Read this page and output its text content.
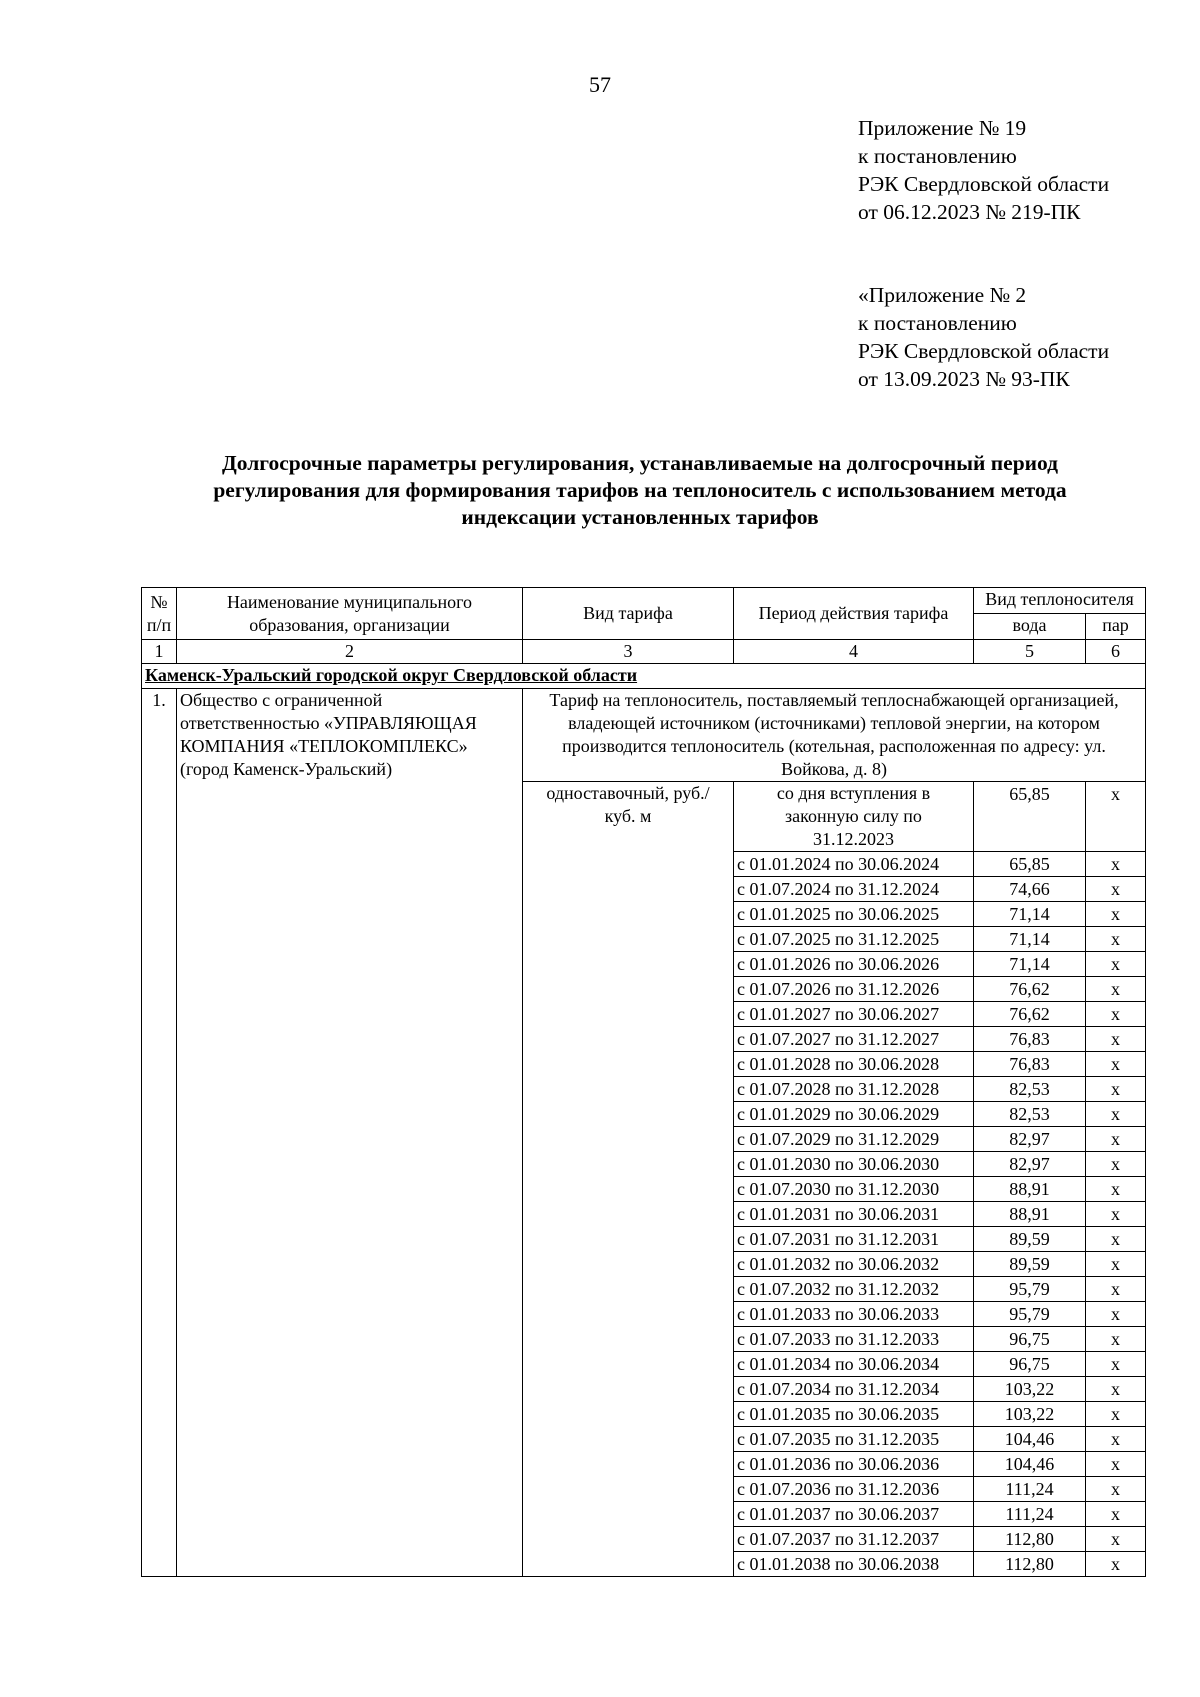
57
Приложение № 19
к постановлению
РЭК Свердловской области
от 06.12.2023 № 219-ПК
«Приложение № 2
к постановлению
РЭК Свердловской области
от 13.09.2023 № 93-ПК
Долгосрочные параметры регулирования, устанавливаемые на долгосрочный период
регулирования для формирования тарифов на теплоноситель с использованием метода
индексации установленных тарифов
№ п/п	Наименование муниципального образования, организации	Вид тарифа	Период действия тарифа	Вид теплоносителя	
				вода	пар
1	2	3	4	5	6
Каменск-Уральский городской округ Свердловской области					
1.	Общество с ограниченной ответственностью «УПРАВЛЯЮЩАЯ КОМПАНИЯ «ТЕПЛОКОМПЛЕКС» (город Каменск-Уральский)	Тариф на теплоноситель, поставляемый теплоснабжающей организацией, владеющей источником (источниками) тепловой энергии, на котором производится теплоноситель (котельная, расположенная по адресу: ул. Войкова, д. 8)			
		одноставочный, руб./куб. м	со дня вступления в законную силу по 31.12.2023	65,85	х
			с 01.01.2024 по 30.06.2024	65,85	х
			с 01.07.2024 по 31.12.2024	74,66	х
			с 01.01.2025 по 30.06.2025	71,14	х
			с 01.07.2025 по 31.12.2025	71,14	х
			с 01.01.2026 по 30.06.2026	71,14	х
			с 01.07.2026 по 31.12.2026	76,62	х
			с 01.01.2027 по 30.06.2027	76,62	х
			с 01.07.2027 по 31.12.2027	76,83	х
			с 01.01.2028 по 30.06.2028	76,83	х
			с 01.07.2028 по 31.12.2028	82,53	х
			с 01.01.2029 по 30.06.2029	82,53	х
			с 01.07.2029 по 31.12.2029	82,97	х
			с 01.01.2030 по 30.06.2030	82,97	х
			с 01.07.2030 по 31.12.2030	88,91	х
			с 01.01.2031 по 30.06.2031	88,91	х
			с 01.07.2031 по 31.12.2031	89,59	х
			с 01.01.2032 по 30.06.2032	89,59	х
			с 01.07.2032 по 31.12.2032	95,79	х
			с 01.01.2033 по 30.06.2033	95,79	х
			с 01.07.2033 по 31.12.2033	96,75	х
			с 01.01.2034 по 30.06.2034	96,75	х
			с 01.07.2034 по 31.12.2034	103,22	х
			с 01.01.2035 по 30.06.2035	103,22	х
			с 01.07.2035 по 31.12.2035	104,46	х
			с 01.01.2036 по 30.06.2036	104,46	х
			с 01.07.2036 по 31.12.2036	111,24	х
			с 01.01.2037 по 30.06.2037	111,24	х
			с 01.07.2037 по 31.12.2037	112,80	х
			с 01.01.2038 по 30.06.2038	112,80	х
